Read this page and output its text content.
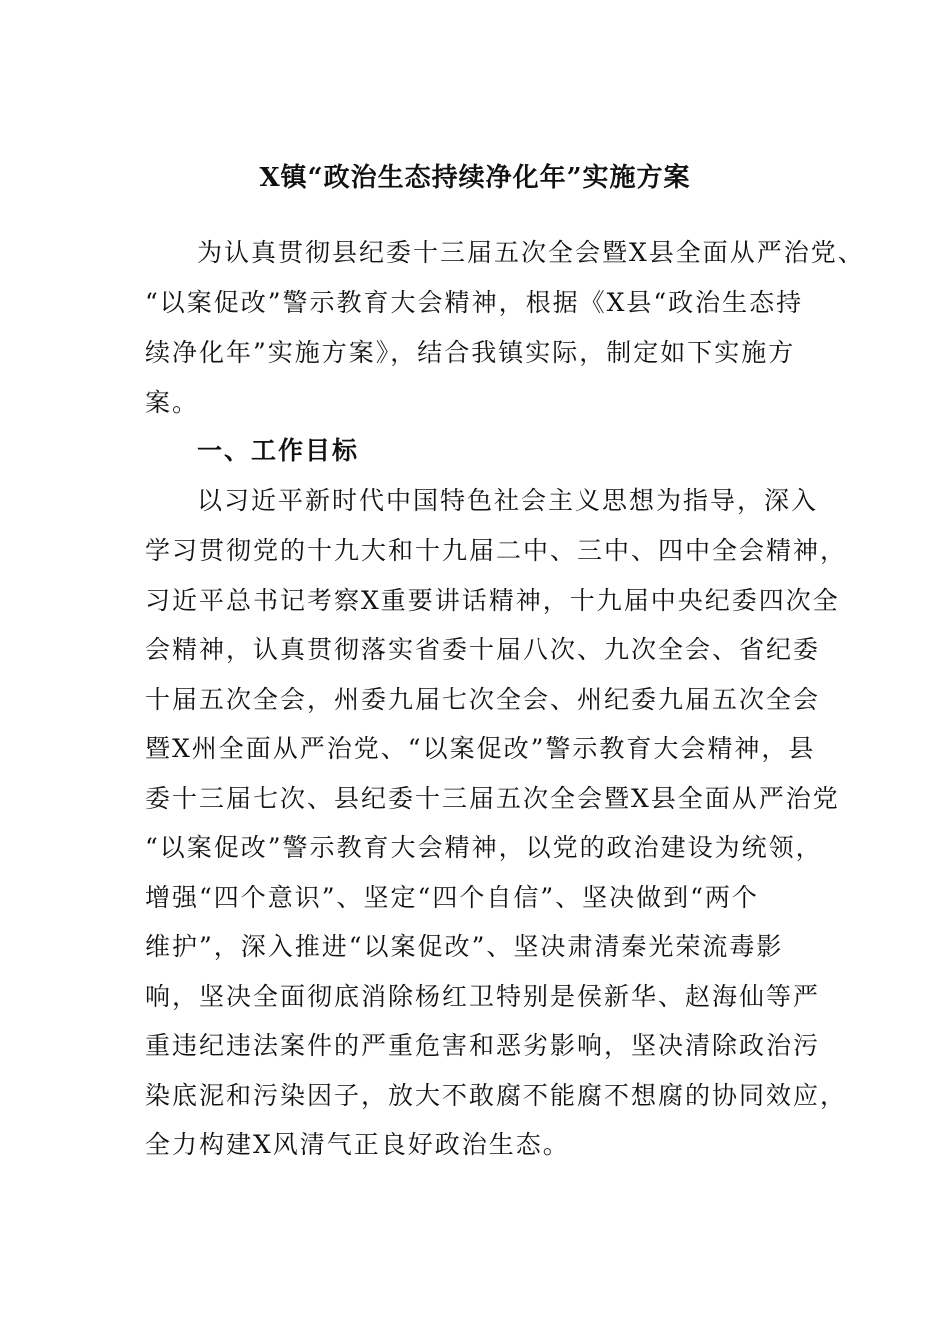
X镇“政治生态持续净化年”实施方案
为认真贯彻县纪委十三届五次全会暨X县全面从严治党、
“以案促改”警示教育大会精神，根据《X县“政治生态持
续净化年”实施方案》，结合我镇实际，制定如下实施方
案。
一、工作目标
以习近平新时代中国特色社会主义思想为指导，深入
学习贯彻党的十九大和十九届二中、三中、四中全会精神，
习近平总书记考察X重要讲话精神，十九届中央纪委四次全
会精神，认真贯彻落实省委十届八次、九次全会、省纪委
十届五次全会，州委九届七次全会、州纪委九届五次全会
暨X州全面从严治党、“以案促改”警示教育大会精神，县
委十三届七次、县纪委十三届五次全会暨X县全面从严治党
“以案促改”警示教育大会精神，以党的政治建设为统领，
增强“四个意识”、坚定“四个自信”、坚决做到“两个
维护”，深入推进“以案促改”、坚决肃清秦光荣流毒影
响，坚决全面彻底消除杨红卫特别是侯新华、赵海仙等严
重违纪违法案件的严重危害和恶劣影响，坚决清除政治污
染底泥和污染因子，放大不敢腐不能腐不想腐的协同效应，
全力构建X风清气正良好政治生态。
